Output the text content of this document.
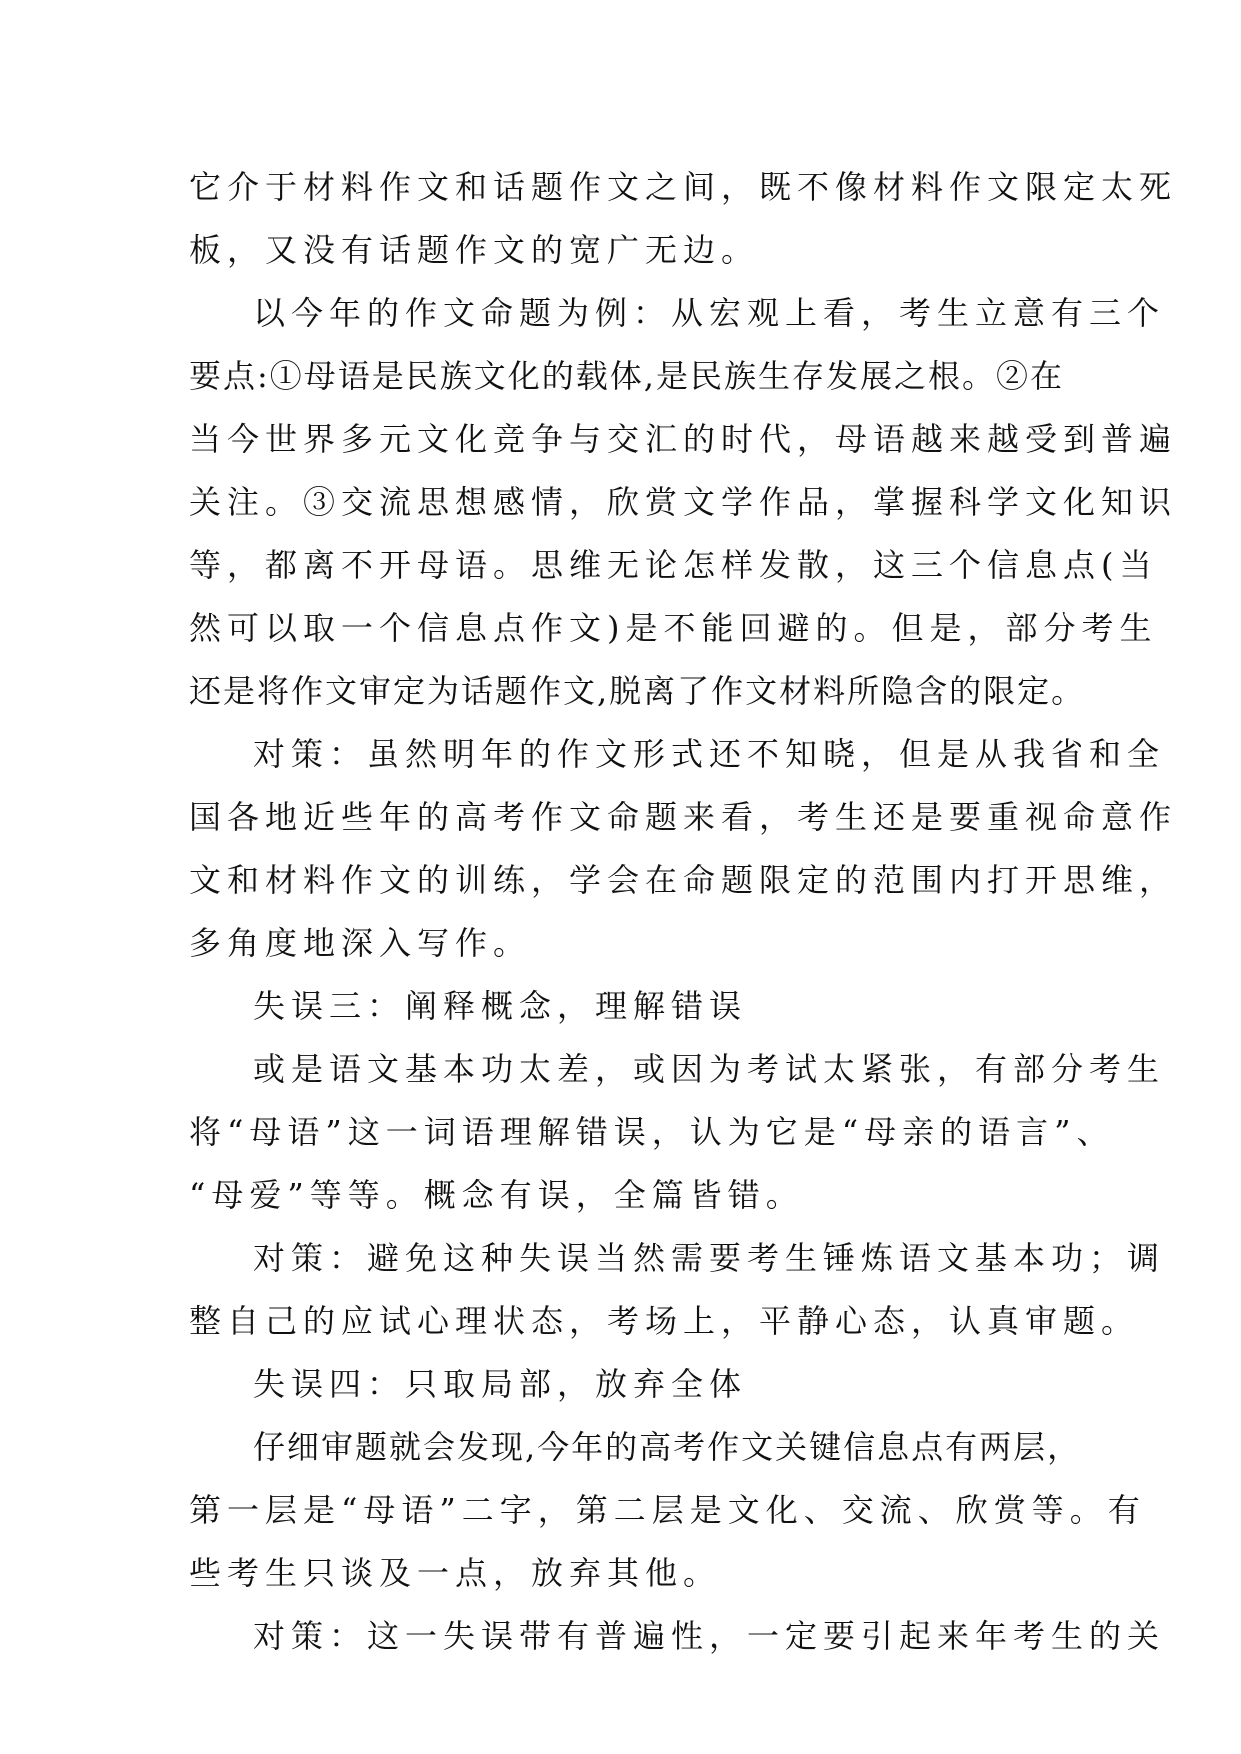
它介于材料作文和话题作文之间，既不像材料作文限定太死
板，又没有话题作文的宽广无边。
以今年的作文命题为例：从宏观上看，考生立意有三个
要点:①母语是民族文化的载体,是民族生存发展之根。②在
当今世界多元文化竞争与交汇的时代，母语越来越受到普遍
关注。③交流思想感情，欣赏文学作品，掌握科学文化知识
等，都离不开母语。思维无论怎样发散，这三个信息点(当
然可以取一个信息点作文)是不能回避的。但是，部分考生
还是将作文审定为话题作文,脱离了作文材料所隐含的限定。
对策：虽然明年的作文形式还不知晓，但是从我省和全
国各地近些年的高考作文命题来看，考生还是要重视命意作
文和材料作文的训练，学会在命题限定的范围内打开思维，
多角度地深入写作。
失误三：阐释概念，理解错误
或是语文基本功太差，或因为考试太紧张，有部分考生
将“母语”这一词语理解错误，认为它是“母亲的语言”、
“母爱”等等。概念有误，全篇皆错。
对策：避免这种失误当然需要考生锤炼语文基本功；调
整自己的应试心理状态，考场上，平静心态，认真审题。
失误四：只取局部，放弃全体
仔细审题就会发现,今年的高考作文关键信息点有两层，
第一层是“母语”二字，第二层是文化、交流、欣赏等。有
些考生只谈及一点，放弃其他。
对策：这一失误带有普遍性，一定要引起来年考生的关
